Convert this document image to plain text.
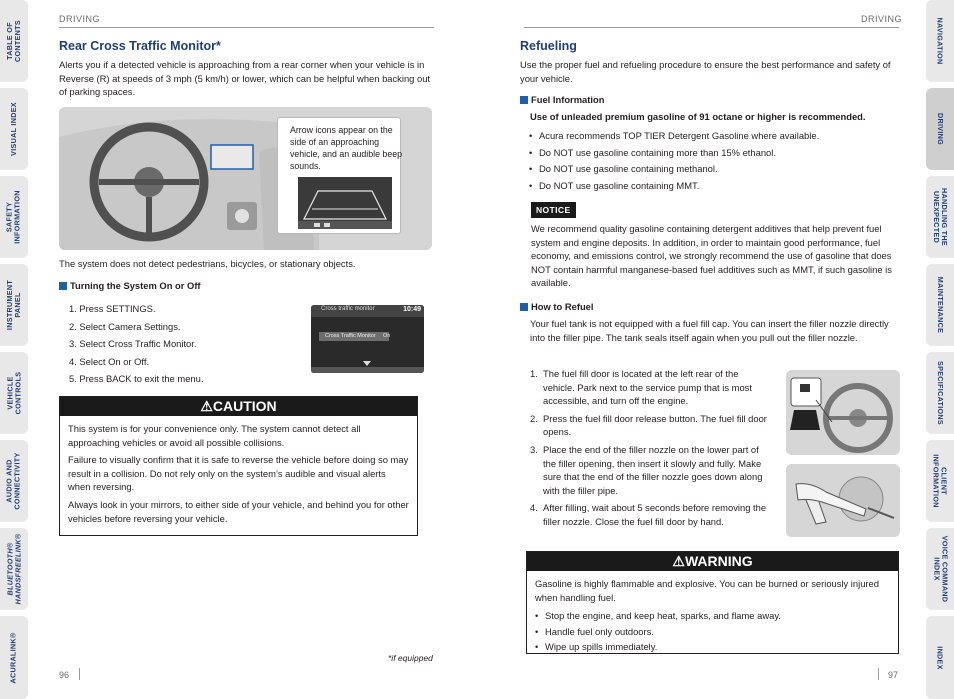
TABLE OF
CONTENTS
VISUAL INDEX
SAFETY
INFORMATION
INSTRUMENT
PANEL
VEHICLE
CONTROLS
AUDIO AND
CONNECTIVITY
BLUETOOTH®
HANDSFREELINK®
ACURALINK®
NAVIGATION
DRIVING
HANDLING THE
UNEXPECTED
MAINTENANCE
SPECIFICATIONS
CLIENT
INFORMATION
VOICE COMMAND
INDEX
INDEX
DRIVING
Rear Cross Traffic Monitor*
Alerts you if a detected vehicle is approaching from a rear corner when your vehicle is in Reverse (R) at speeds of 3 mph (5 km/h) or lower, which can be helpful when backing out of parking spaces.
Arrow icons appear on the side of an approaching vehicle, and an audible beep sounds.
The system does not detect pedestrians, bicycles, or stationary objects.
Turning the System On or Off
1. Press SETTINGS.
2. Select Camera Settings.
3. Select Cross Traffic Monitor.
4. Select On or Off.
5. Press BACK to exit the menu.
Cross traffic monitor	10:49
Cross Traffic Monitor On
⚠CAUTION

This system is for your convenience only. The system cannot detect all approaching vehicles or avoid all possible collisions.

Failure to visually confirm that it is safe to reverse the vehicle before doing so may result in a collision. Do not rely only on the system’s audible and visual alerts when reversing.

Always look in your mirrors, to either side of your vehicle, and behind you for other vehicles before reversing your vehicle.

*if equipped
96
DRIVING
Refueling
Use the proper fuel and refueling procedure to ensure the best performance and safety of your vehicle.
Fuel Information
Use of unleaded premium gasoline of 91 octane or higher is recommended.
• Acura recommends TOP TIER Detergent Gasoline where available.
• Do NOT use gasoline containing more than 15% ethanol.
• Do NOT use gasoline containing methanol.
• Do NOT use gasoline containing MMT.
NOTICE
We recommend quality gasoline containing detergent additives that help prevent fuel system and engine deposits. In addition, in order to maintain good performance, fuel economy, and emissions control, we strongly recommend the use of gasoline that does NOT contain harmful manganese-based fuel additives such as MMT, if such gasoline is available.
How to Refuel
Your fuel tank is not equipped with a fuel fill cap. You can insert the filler nozzle directly into the filler pipe. The tank seals itself again when you pull out the filler nozzle.
1. The fuel fill door is located at the left rear of the vehicle. Park next to the service pump that is most accessible, and turn off the engine.
2. Press the fuel fill door release button. The fuel fill door opens.
3. Place the end of the filler nozzle on the lower part of the filler opening, then insert it slowly and fully. Make sure that the end of the filler nozzle goes down along with the filler pipe.
4. After filling, wait about 5 seconds before removing the filler nozzle. Close the fuel fill door by hand.
⚠WARNING

Gasoline is highly flammable and explosive. You can be burned or seriously injured when handling fuel.

• Stop the engine, and keep heat, sparks, and flame away.
• Handle fuel only outdoors.
• Wipe up spills immediately.
97
